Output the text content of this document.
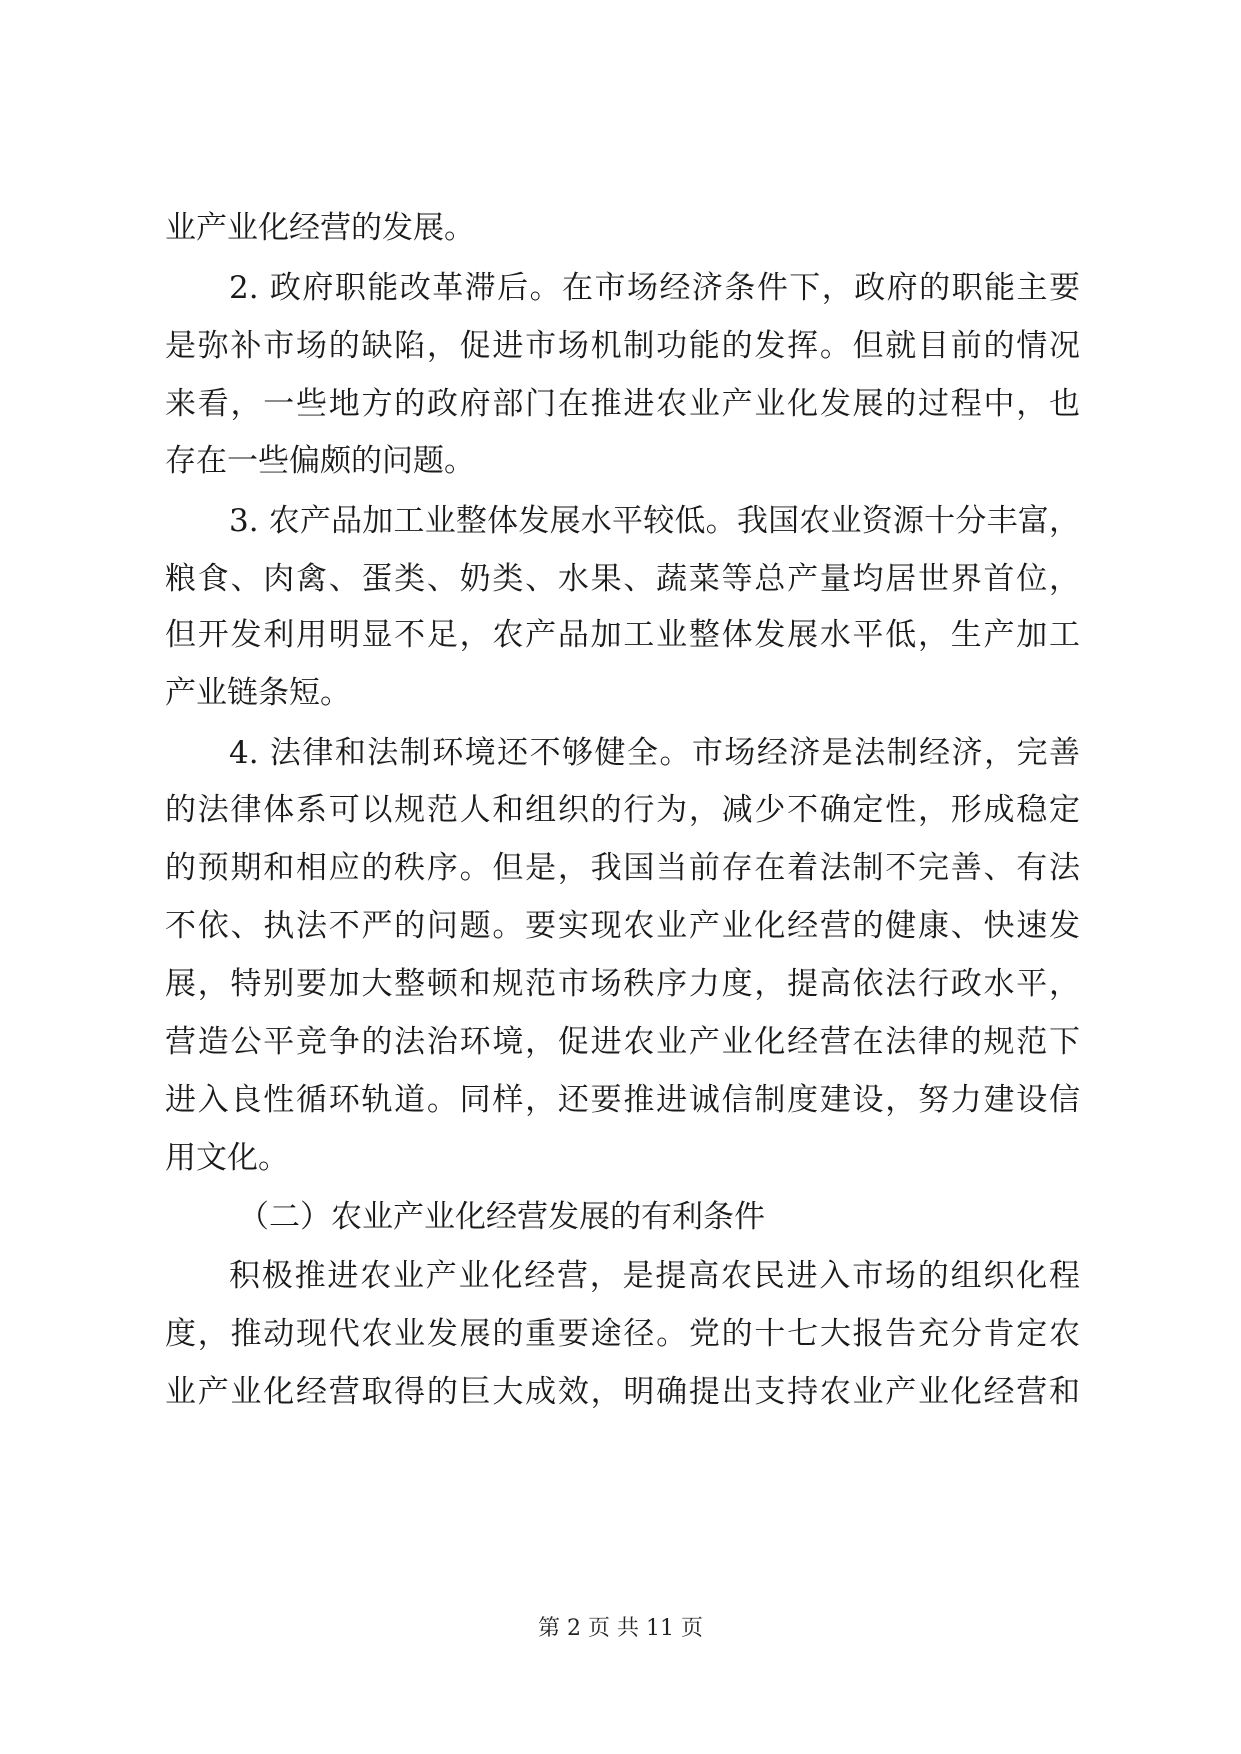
业产业化经营的发展。
2. 政府职能改革滞后。在市场经济条件下，政府的职能主要
是弥补市场的缺陷，促进市场机制功能的发挥。但就目前的情况
来看，一些地方的政府部门在推进农业产业化发展的过程中，也
存在一些偏颇的问题。
3. 农产品加工业整体发展水平较低。我国农业资源十分丰富，
粮食、肉禽、蛋类、奶类、水果、蔬菜等总产量均居世界首位，
但开发利用明显不足，农产品加工业整体发展水平低，生产加工
产业链条短。
4. 法律和法制环境还不够健全。市场经济是法制经济，完善
的法律体系可以规范人和组织的行为，减少不确定性，形成稳定
的预期和相应的秩序。但是，我国当前存在着法制不完善、有法
不依、执法不严的问题。要实现农业产业化经营的健康、快速发
展，特别要加大整顿和规范市场秩序力度，提高依法行政水平，
营造公平竞争的法治环境，促进农业产业化经营在法律的规范下
进入良性循环轨道。同样，还要推进诚信制度建设，努力建设信
用文化。
（二）农业产业化经营发展的有利条件
积极推进农业产业化经营，是提高农民进入市场的组织化程
度，推动现代农业发展的重要途径。党的十七大报告充分肯定农
业产业化经营取得的巨大成效，明确提出支持农业产业化经营和
第 2 页 共 11 页
